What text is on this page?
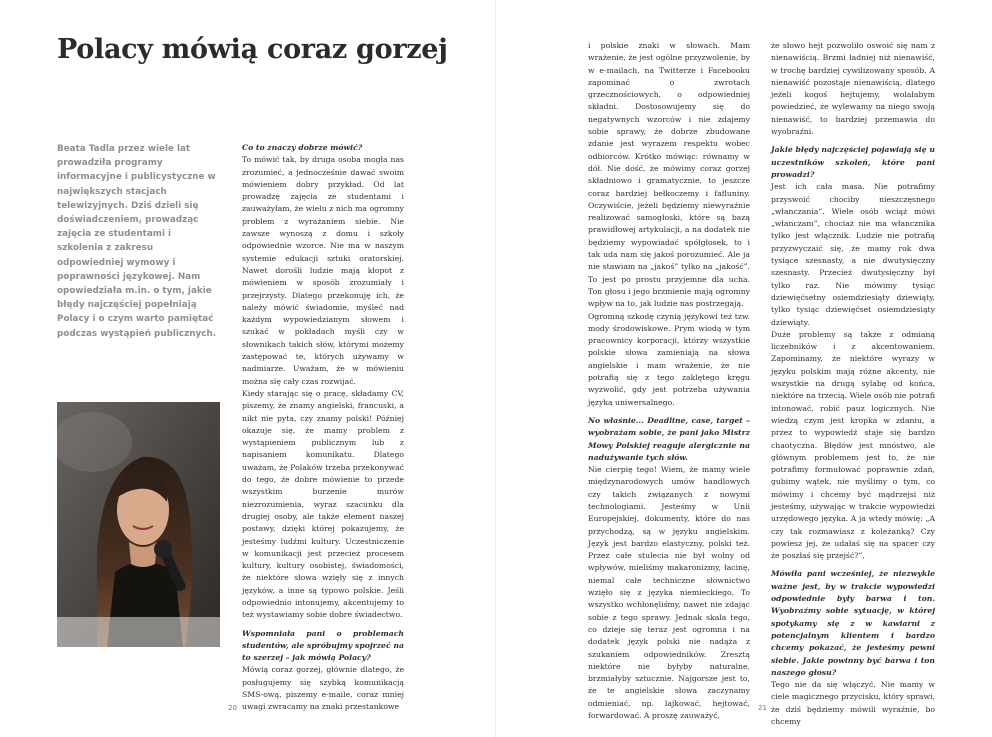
Polacy mówią coraz gorzej

Beata Tadla przez wiele lat prowadziła programy informacyjne i publicystyczne w największych stacjach telewizyjnych. Dziś dzieli się doświadczeniem, prowadząc zajęcia ze studentami i szkolenia z zakresu odpowiedniej wymowy i poprawności językowej. Nam opowiedziała m.in. o tym, jakie błędy najczęściej popełniają Polacy i o czym warto pamiętać podczas wystąpień publicznych.

Co to znaczy dobrze mówić?

To mówić tak, by druga osoba mogła nas zrozumieć, a jednocześnie dawać swoim mówieniem dobry przykład. Od lat prowadzę zajęcia ze studentami i zauważyłam, że wielu z nich ma ogromny problem z wyrażaniem siebie. Nie zawsze wynoszą z domu i szkoły odpowiednie wzorce. Nie ma w naszym systemie edukacji sztuki oratorskiej. Nawet dorośli ludzie mają kłopot z mówieniem w sposób zrozumiały i przejrzysty. Dlatego przekonuję ich, że należy mówić świadomie, myśleć nad każdym wypowiedzianym słowem i szukać w pokładach myśli czy w słownikach takich słów, którymi możemy zastępować te, których używamy w nadmiarze. Uważam, że w mówieniu można się cały czas rozwijać.

Kiedy starając się o pracę, składamy CV, piszemy, że znamy angielski, francuski, a nikt nie pyta, czy znamy polski! Później okazuje się, że mamy problem z wystąpieniem publicznym lub z napisaniem komunikatu. Dlatego uważam, że Polaków trzeba przekonywać do tego, że dobre mówienie to przede wszystkim burzenie murów niezrozumienia, wyraz szacunku dla drugiej osoby, ale także element naszej postawy, dzięki której pokazujemy, że jesteśmy ludźmi kultury. Uczestniczenie w komunikacji jest przecież procesem kultury, kultury osobistej, świadomości, że niektóre słowa wzięły się z innych języków, a inne są typowo polskie. Jeśli odpowiednio intonujemy, akcentujemy to też wystawiamy sobie dobre świadectwo.

Wspomniała pani o problemach studentów, ale spróbujmy spojrzeć na to szerzej – jak mówią Polacy?

Mówią coraz gorzej, głównie dlatego, że posługujemy się szybką komunikacją SMS-ową, piszemy e-maile, coraz mniej uwagi zwracamy na znaki przestankowe

i polskie znaki w słowach. Mam wrażenie, że jest ogólne przyzwolenie, by w e-mailach, na Twitterze i Facebooku zapominać o zwrotach grzecznościowych, o odpowiedniej składni. Dostosowujemy się do negatywnych wzorców i nie zdajemy sobie sprawy, że dobrze zbudowane zdanie jest wyrazem respektu wobec odbiorców. Krótko mówiąc: równamy w dół. Nie dość, że mówimy coraz gorzej składniowo i gramatycznie, to jeszcze coraz bardziej bełkoczemy i fafluniny. Oczywiście, jeżeli będziemy niewyraźnie realizować samogłoski, które są bazą prawidłowej artykulacji, a na dodatek nie będziemy wypowiadać spółgłosek, to i tak uda nam się jakoś porozumieć. Ale ja nie stawiam na „jakoś” tylko na „jakość”. To jest po prostu przyjemne dla ucha. Ton głosu i jego brzmienie mają ogromny wpływ na to, jak ludzie nas postrzegają.

Ogromną szkodę czynią językowi też tzw. mody środowiskowe. Prym wiodą w tym pracownicy korporacji, którzy wszystkie polskie słowa zamieniają na słowa angielskie i mam wrażenie, że nie potrafią się z tego zaklętego kręgu wyzwolić, gdy jest potrzeba używania języka uniwersalnego.

No właśnie... Deadline, case, target – wyobrażam sobie, że pani jako Mistrz Mowy Polskiej reaguje alergicznie na nadużywanie tych słów.

Nie cierpię tego! Wiem, że mamy wiele międzynarodowych umów handlowych czy takich związanych z nowymi technologiami. Jesteśmy w Unii Europejskiej, dokumenty, które do nas przychodzą, są w języku angielskim. Język jest bardzo elastyczny, polski też. Przez całe stulecia nie był wolny od wpływów, mieliśmy makaronizmy, łacinę, niemal całe techniczne słownictwo wzięło się z języka niemieckiego. To wszystko wchłonęliśmy, nawet nie zdając sobie z tego sprawy. Jednak skala tego, co dzieje się teraz jest ogromna i na dodatek język polski nie nadąża z szukaniem odpowiedników. Zresztą niektóre nie byłyby naturalne, brzmiałyby sztucznie. Najgorsze jest to, że te angielskie słowa zaczynamy odmieniać, np. lajkować, hejtować, forwardować. A proszę zauważyć,

że słowo hejt pozwoliło oswoić się nam z nienawiścią. Brzmi ładniej niż nienawiść, w trochę bardziej cywilizowany sposób. A nienawiść pozostaje nienawiścią, dlatego jeżeli kogoś hejtujemy, wolałabym powiedzieć, że wylewamy na niego swoją nienawiść, to bardziej przemawia do wyobraźni.

Jakie błędy najczęściej pojawiają się u uczestników szkoleń, które pani prowadzi?

Jest ich cała masa. Nie potrafimy przyswoić chociby nieszczęsnego „włanczania”. Wiele osób wciąż mówi „włanczam”, chociaż nie ma włancznika tylko jest włącznik. Ludzie nie potrafią przyzwyczaić się, że mamy rok dwa tysiące szesnasty, a nie dwutysięczny szesnasty. Przecież dwutysięczny był tylko raz. Nie mówimy tysiąc dziewięćsetny osiemdziesiąty dziewiąty, tylko tysiąc dziewięćset osiemdziesiąty dziewiąty.

Duże problemy są także z odmianą liczebników i z akcentowaniem. Zapominamy, że niektóre wyrazy w języku polskim mają różne akcenty, nie wszystkie na drugą sylabę od końca, niektóre na trzecią. Wiele osób nie potrafi intonować, robić pauz logicznych. Nie wiedzą czym jest kropka w zdaniu, a przez to wypowiedź staje się bardzo chaotyczna. Błędów jest mnóstwo, ale głównym problemem jest to, że nie potrafimy formułować poprawnie zdań, gubimy wątek, nie myślimy o tym, co mówimy i chcemy być mądrzejsi niż jesteśmy, używając w trakcie wypowiedzi urzędowego języka. A ja wtedy mówię: „A czy tak rozmawiasz z koleżanką? Czy powiesz jej, że udałaś się na spacer czy że poszłaś się przejść?”.

Mówiła pani wcześniej, że niezwykle ważne jest, by w trakcie wypowiedzi odpowiednie były barwa i ton. Wyobraźmy sobie sytuację, w której spotykamy się z w kawiarni z potencjalnym klientem i bardzo chcemy pokazać, że jesteśmy pewni siebie. Jakie powinny być barwa i ton naszego głosu?

Tego nie da się włączyć. Nie mamy w ciele magicznego przycisku, który sprawi, że dziś będziemy mówili wyraźnie, bo chcemy

20	21
